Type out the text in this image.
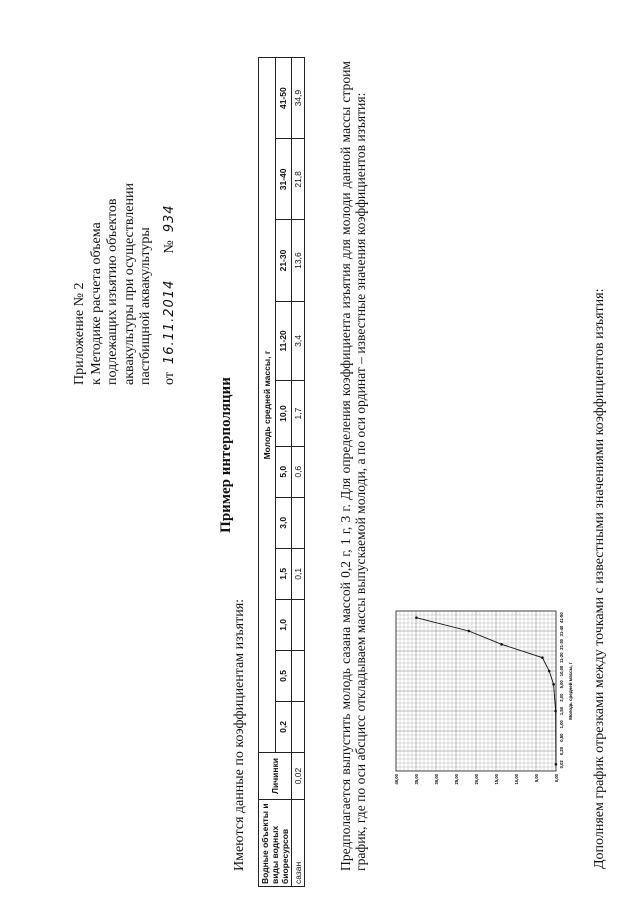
Приложение № 2 к Методике расчета объема подлежащих изъятию объектов аквакультуры при осуществлении пастбищной аквакультуры от
16.11.2014
№
934
Пример интерполяции
Имеются данные по коэффициентам изъятия: Водные объекты и виды водных биоресурсов	Личинки	Молодь средней массы, г										
		0,2	0,5	1,0	1,5	3,0	5,0	10,0	11-20	21-30	31-40	41-50
сазан	0,02				0,1		0,6	1,7	3,4	13,6	21,8	34,9	Предполагается выпустить молодь сазана массой 0,2 г, 1 г, 3 г. Для определения коэффициента изъятия для молоди данной массы строим график, где по оси абсцисс откладываем массы выпускаемой молоди, а по оси ординат – известные значения коэффициентов изъятия:	0,00
5,00
10,00
15,00
20,00
25,00
30,00
35,00
40,00
0,02
0,20
0,50
1,00
1,50
3,00
5,00
10,00
11-20
21-30
31-40
41-50
Молодь средней массы, г Дополняем график отрезками между точками с известными значениями коэффициентов изъятия:
